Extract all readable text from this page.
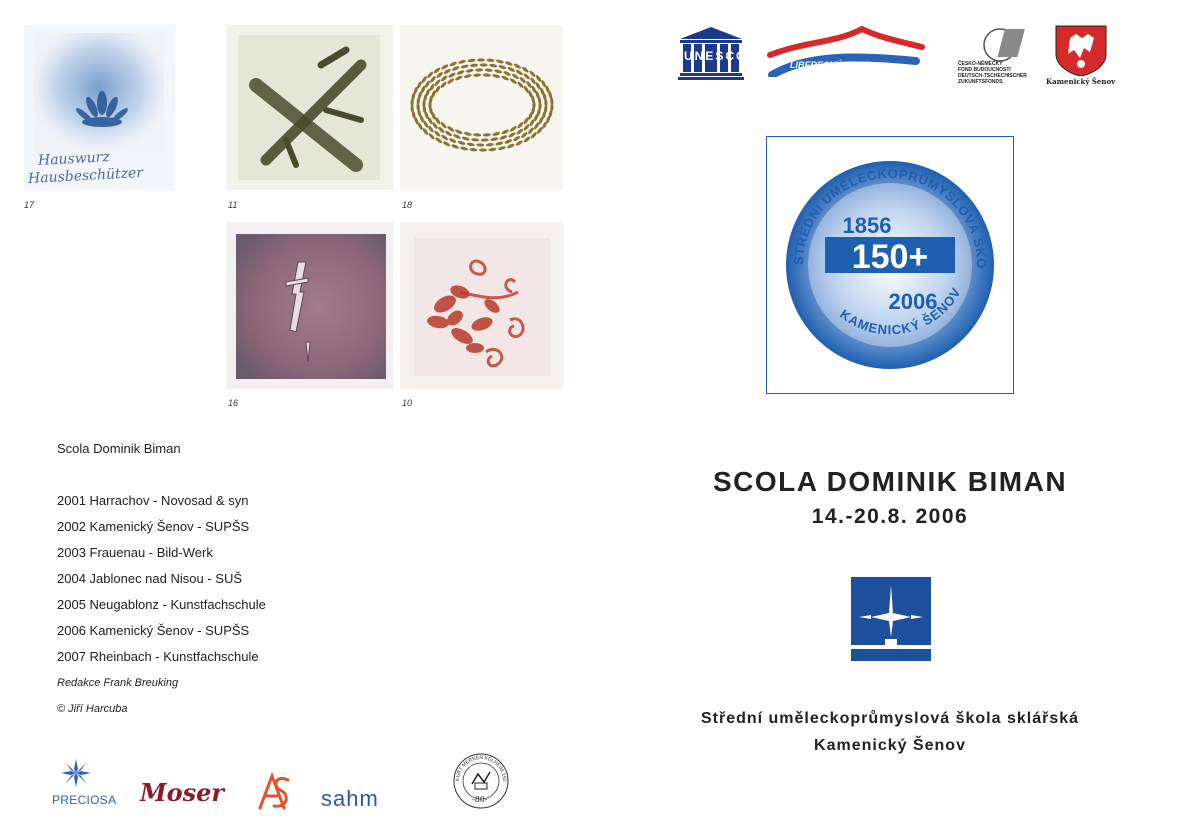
Hauswurz
Hausbeschützer
17	11	18
16	10
Scola Dominik Biman
2001 Harrachov - Novosad & syn
2002 Kamenický Šenov - SUPŠS
2003 Frauenau - Bild-Werk
2004 Jablonec nad Nisou - SUŠ
2005 Neugablonz - Kunstfachschule
2006 Kamenický Šenov - SUPŠS
2007 Rheinbach - Kunstfachschule
Redakce Frank Breuking
© Jiří Harcuba
PRECIOSA Moser	sahm
KURT MERKER KELHEIM 192
-80-
UNESCO
LIBERECKÝ KRAJ	ČESKO-NĚMECKÝ
FOND BUDOUCNOSTI
DEUTSCH-TSCHECHISCHER
ZUKUNFTSFONDS	Kamenický Šenov
STŘEDNÍ UMĚLECKOPRŮMYSLOVÁ ŠKO
KAMENICKÝ ŠENOV
150+
1856
2006
SCOLA DOMINIK BIMAN
14.-20.8. 2006
Střední uměleckoprůmyslová škola sklářská
Kamenický Šenov
